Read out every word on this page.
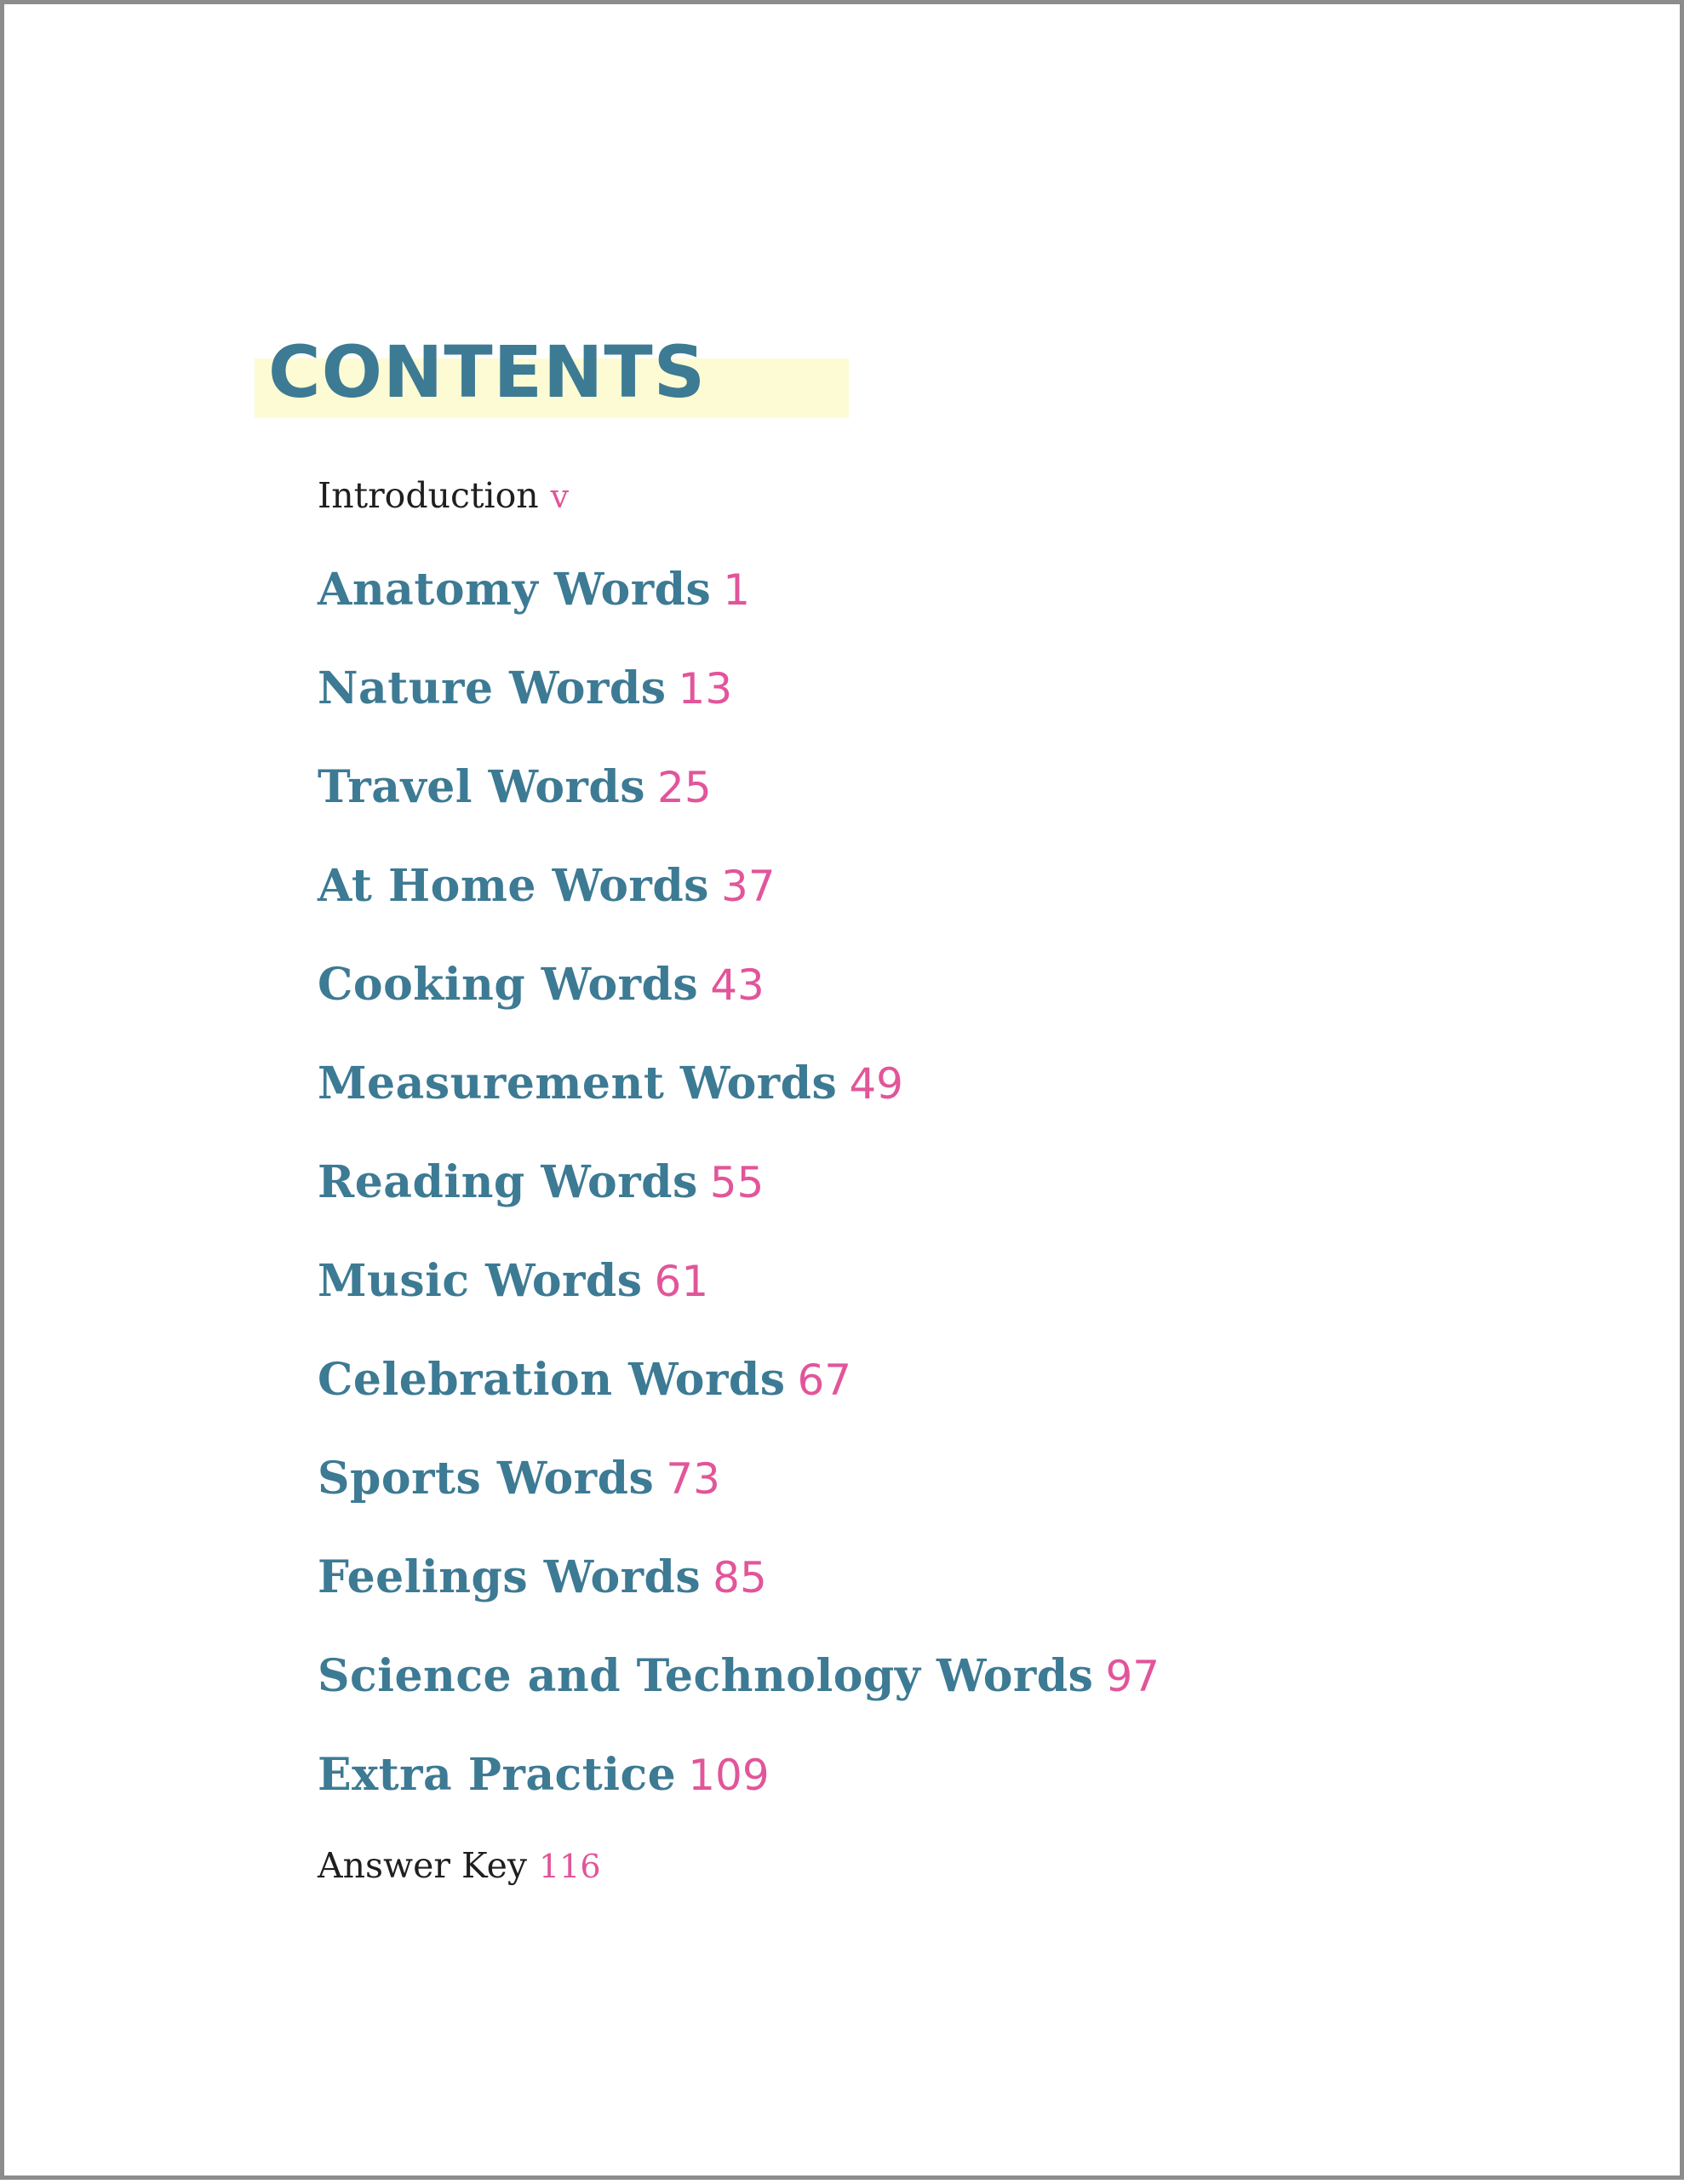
CONTENTS
Introduction v
Anatomy Words 1
Nature Words 13
Travel Words 25
At Home Words 37
Cooking Words 43
Measurement Words 49
Reading Words 55
Music Words 61
Celebration Words 67
Sports Words 73
Feelings Words 85
Science and Technology Words 97
Extra Practice 109
Answer Key 116
